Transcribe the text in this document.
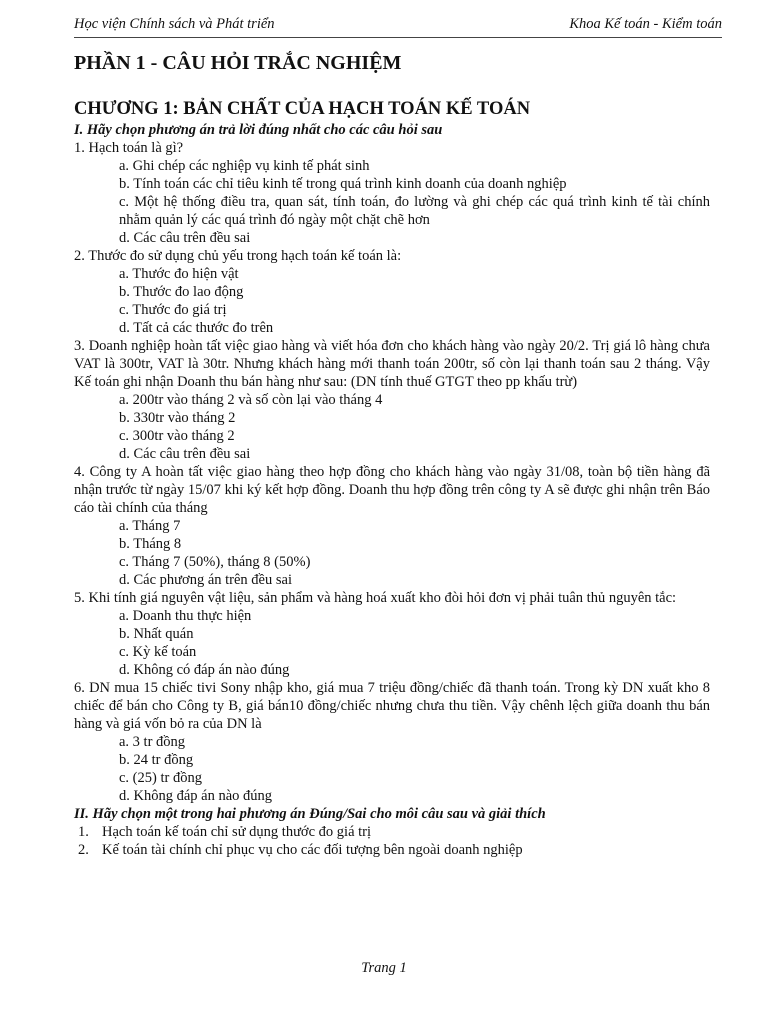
Học viện Chính sách và Phát triển	Khoa Kế toán - Kiểm toán
PHẦN 1 - CÂU HỎI TRẮC NGHIỆM
CHƯƠNG 1: BẢN CHẤT CỦA HẠCH TOÁN KẾ TOÁN

I. Hãy chọn phương án trả lời đúng nhất cho các câu hỏi sau

1. Hạch toán là gì?

a. Ghi chép các nghiệp vụ kinh tế phát sinh

b. Tính toán các chỉ tiêu kinh tế trong quá trình kinh doanh của doanh nghiệp

c. Một hệ thống điều tra, quan sát, tính toán, đo lường và ghi chép các quá trình kinh tế tài chính nhằm quản lý các quá trình đó ngày một chặt chẽ hơn

d. Các câu trên đều sai

2. Thước đo sử dụng chủ yếu trong hạch toán kế toán là:

a. Thước đo hiện vật

b. Thước đo lao động

c. Thước đo giá trị

d. Tất cả các thước đo trên

3. Doanh nghiệp hoàn tất việc giao hàng và viết hóa đơn cho khách hàng vào ngày 20/2. Trị giá lô hàng chưa VAT là 300tr, VAT là 30tr. Nhưng khách hàng mới thanh toán 200tr, số còn lại thanh toán sau 2 tháng. Vậy Kế toán ghi nhận Doanh thu bán hàng như sau: (DN tính thuế GTGT theo pp khấu trừ)

a. 200tr vào tháng 2 và số còn lại vào tháng 4

b. 330tr vào tháng 2

c. 300tr vào tháng 2

d. Các câu trên đều sai

4. Công ty A hoàn tất việc giao hàng theo hợp đồng cho khách hàng vào ngày 31/08, toàn bộ tiền hàng đã nhận trước từ ngày 15/07 khi ký kết hợp đồng. Doanh thu hợp đồng trên công ty A sẽ được ghi nhận trên Báo cáo tài chính của tháng

a. Tháng 7

b. Tháng 8

c. Tháng 7 (50%), tháng 8 (50%)

d. Các phương án trên đều sai

5. Khi tính giá nguyên vật liệu, sản phẩm và hàng hoá xuất kho đòi hỏi đơn vị phải tuân thủ nguyên tắc:

a. Doanh thu thực hiện

b. Nhất quán

c. Kỳ kế toán

d. Không có đáp án nào đúng

6. DN mua 15 chiếc tivi Sony nhập kho, giá mua 7 triệu đồng/chiếc đã thanh toán. Trong kỳ DN xuất kho 8 chiếc để bán cho Công ty B, giá bán10 đồng/chiếc nhưng chưa thu tiền. Vậy chênh lệch giữa doanh thu bán hàng và giá vốn bỏ ra của DN là

a. 3 tr đồng

b. 24 tr đồng

c. (25) tr đồng

d. Không đáp án nào đúng

II. Hãy chọn một trong hai phương án Đúng/Sai cho môi câu sau và giải thích

1. Hạch toán kế toán chỉ sử dụng thước đo giá trị
2. Kế toán tài chính chỉ phục vụ cho các đối tượng bên ngoài doanh nghiệp
Trang 1
